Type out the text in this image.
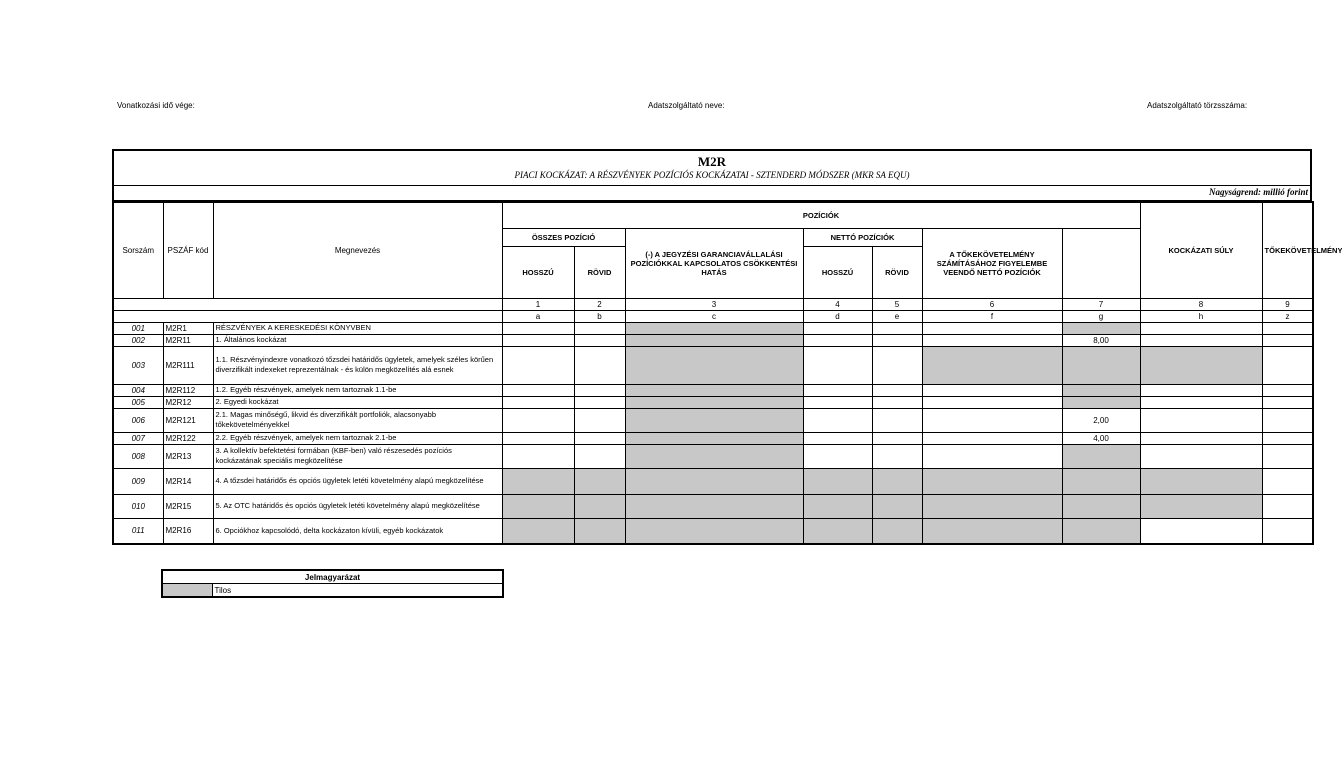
Vonatkozási idő vége:	Adatszolgáltató neve:	Adatszolgáltató törzsszáma:
M2R
PIACI KOCKÁZAT: A RÉSZVÉNYEK POZÍCIÓS KOCKÁZATAI - SZTENDERD MÓDSZER (MKR SA EQU)
Nagyságrend: millió forint
Sorszám	PSZÁF kód	Megnevezés	POZÍCIÓK							KOCKÁZATI SÚLY	TŐKEKÖVETELMÉNY	
			ÖSSZES POZÍCIÓ		(-) A JEGYZÉSI GARANCIAVÁLLALÁSI POZÍCIÓKKAL KAPCSOLATOS CSÖKKENTÉSI HATÁS	NETTÓ POZÍCIÓK		A TŐKEKÖVETELMÉNY SZÁMÍTÁSÁHOZ FIGYELEMBE VEENDŐ NETTÓ POZÍCIÓK				
			HOSSZÚ	RÖVID		HOSSZÚ	RÖVID					
			1	2	3	4	5	6	7	8	9	
			a	b	c	d	e	f	g	h	z	
001	M2R1	RÉSZVÉNYEK A KERESKEDÉSI KÖNYVBEN										
002	M2R11	1. Általános kockázat							8,00			
003	M2R111	1.1. Részvényindexre vonatkozó tőzsdei határidős ügyletek, amelyek széles körűen diverzifikált indexeket reprezentálnak - és külön megközelítés alá esnek										
004	M2R112	1.2. Egyéb részvények, amelyek nem tartoznak 1.1-be										
005	M2R12	2. Egyedi kockázat										
006	M2R121	2.1. Magas minőségű, likvid és diverzifikált portfoliók, alacsonyabb tőkekövetelményekkel							2,00			
007	M2R122	2.2. Egyéb részvények, amelyek nem tartoznak 2.1-be							4,00			
008	M2R13	3. A kollektív befektetési formában (KBF-ben) való részesedés pozíciós kockázatának speciális megközelítése										
009	M2R14	4. A tőzsdei határidős és opciós ügyletek letéti követelmény alapú megközelítése										
010	M2R15	5. Az OTC határidős és opciós ügyletek letéti követelmény alapú megközelítése										
011	M2R16	6. Opciókhoz kapcsolódó, delta kockázaton kívüli, egyéb kockázatok										
Jelmagyarázat
	Tilos
